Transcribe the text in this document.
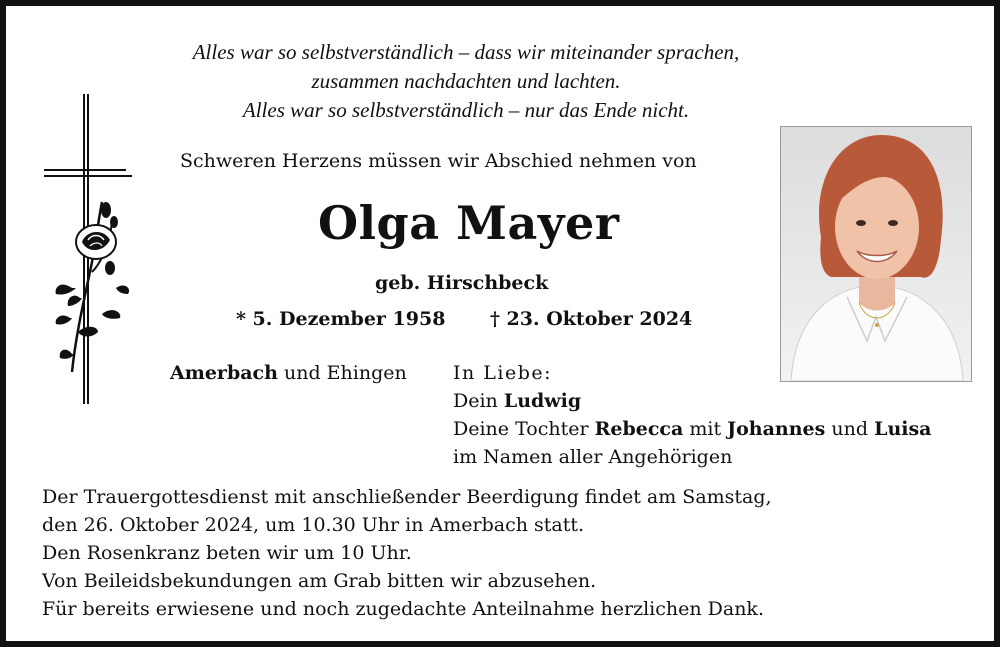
Alles war so selbstverständlich – dass wir miteinander sprachen,
zusammen nachdachten und lachten.
Alles war so selbstverständlich – nur das Ende nicht.
Schweren Herzens müssen wir Abschied nehmen von
Olga Mayer
geb. Hirschbeck
* 5. Dezember 1958 † 23. Oktober 2024
Amerbach und Ehingen In Liebe:
Dein Ludwig
Deine Tochter Rebecca mit Johannes und Luisa
im Namen aller Angehörigen
Der Trauergottesdienst mit anschließender Beerdigung findet am Samstag,
den 26. Oktober 2024, um 10.30 Uhr in Amerbach statt.
Den Rosenkranz beten wir um 10 Uhr.
Von Beileidsbekundungen am Grab bitten wir abzusehen.
Für bereits erwiesene und noch zugedachte Anteilnahme herzlichen Dank.
